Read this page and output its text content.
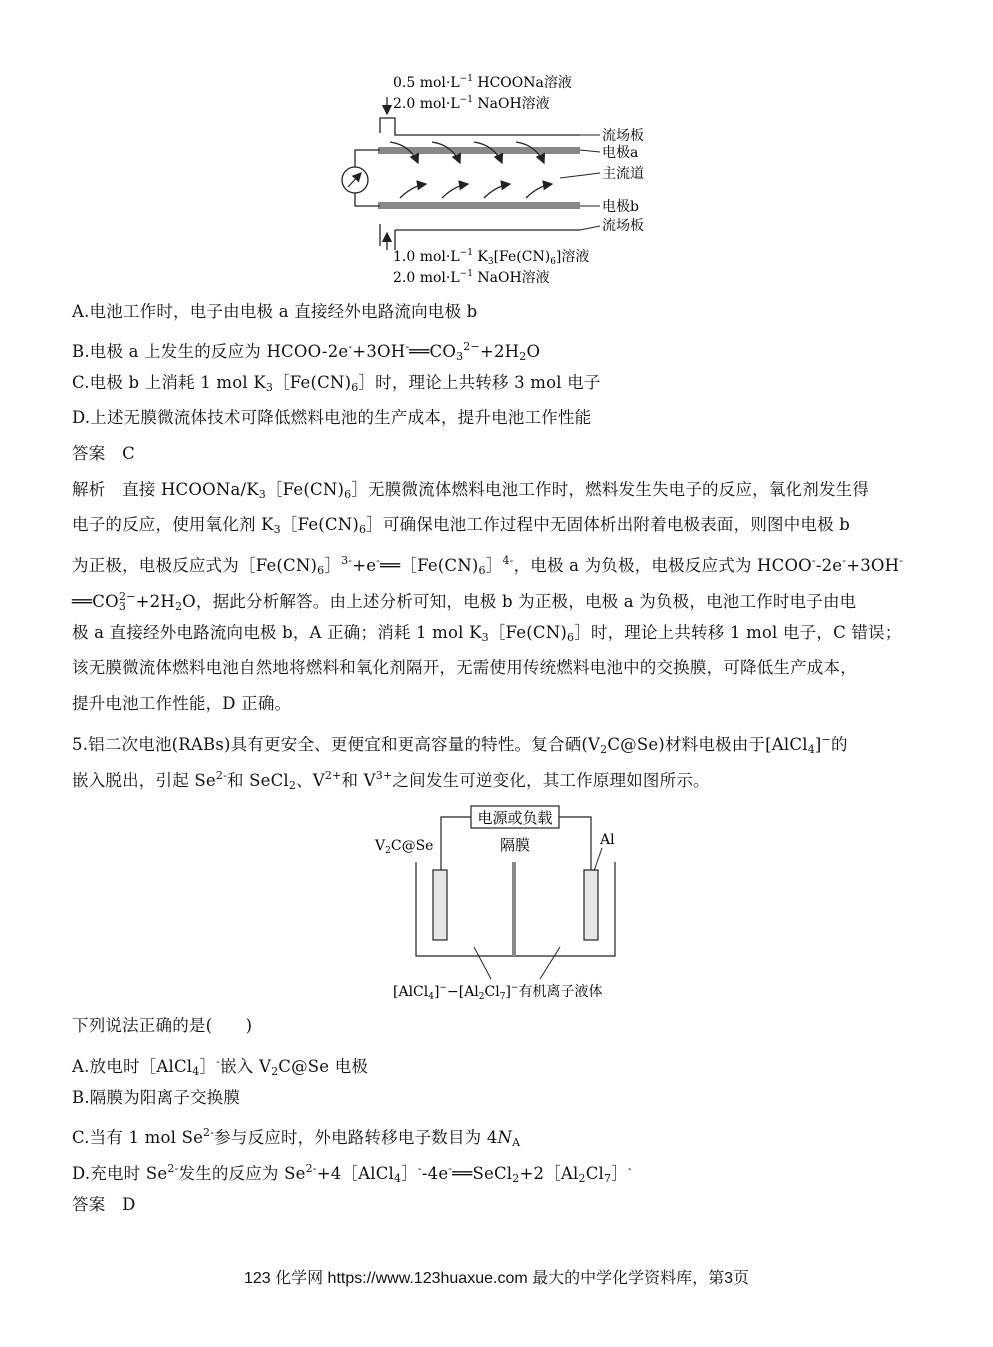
0.5 $mol\cdot L^{-1}$ HCOONa溶液
2.0 $mol\cdot L^{-1}$ NaOH溶液
流场板
电极a
主流道
电极b
流场板
1.0 $mol\cdot L^{-1}$ $K_3[Fe(CN)_6]$溶液
2.0 $mol\cdot L^{-1}$ NaOH溶液
A.电池工作时，电子由电极 a 直接经外电路流向电极 b
B.电极 a 上发生的反应为 HCOO-$2e^-+3OH^-══CO_3^{2-}+2H_2O$
C.电极 b 上消耗 1 mol $K_3[Fe(CN)_6]$时，理论上共转移 3 mol 电子
D.上述无膜微流体技术可降低燃料电池的生产成本，提升电池工作性能
答案　C
解析　直接 HCOONa/$K_3[Fe(CN)_6]$无膜微流体燃料电池工作时，燃料发生失电子的反应，氧化剂发生得
电子的反应，使用氧化剂 $K_3[Fe(CN)_6]$可确保电池工作过程中无固体析出附着电极表面，则图中电极 b
为正极，电极反应式为$[Fe(CN)_6]^{3-}+e^-══[Fe(CN)_6]^{4-}$，电极 a 为负极，电极反应式为 HCOO--2e-+3OH-
$══CO_3^{2-}+2H_2O$，据此分析解答。由上述分析可知，电极 b 为正极，电极 a 为负极，电池工作时电子由电
极 a 直接经外电路流向电极 b，A 正确；消耗 1 mol $K_3[Fe(CN)_6]$时，理论上共转移 1 mol 电子，C 错误；
该无膜微流体燃料电池自然地将燃料和氧化剂隔开，无需使用传统燃料电池中的交换膜，可降低生产成本，
提升电池工作性能，D 正确。
5.铝二次电池(RABs)具有更安全、更便宜和更高容量的特性。复合硒$(V_2C@Se)$材料电极由于[AlCl$_4$]−的
嵌入脱出，引起 $Se^{2-}$和 SeCl$_2$、$V^{2+}$和 $V^{3+}$之间发生可逆变化，其工作原理如图所示。
电源或负载
$V_2C@Se$	隔膜	Al
$[AlCl_4]^--[Al_2Cl_7]^-$有机离子液体
下列说法正确的是(　　)
A.放电时［AlCl$_4$］-嵌入 $V_2C@Se$ 电极
B.隔膜为阳离子交换膜
C.当有 1 mol $Se^{2-}$参与反应时，外电路转移电子数目为 $4N_A$
D.充电时 $Se^{2-}$发生的反应为 $Se^{2-}+4[AlCl_4]^--4e^-══SeCl_2+2[Al_2Cl_7]^-$
答案　D
123 化学网 https://www.123huaxue.com 最大的中学化学资料库，第3页
